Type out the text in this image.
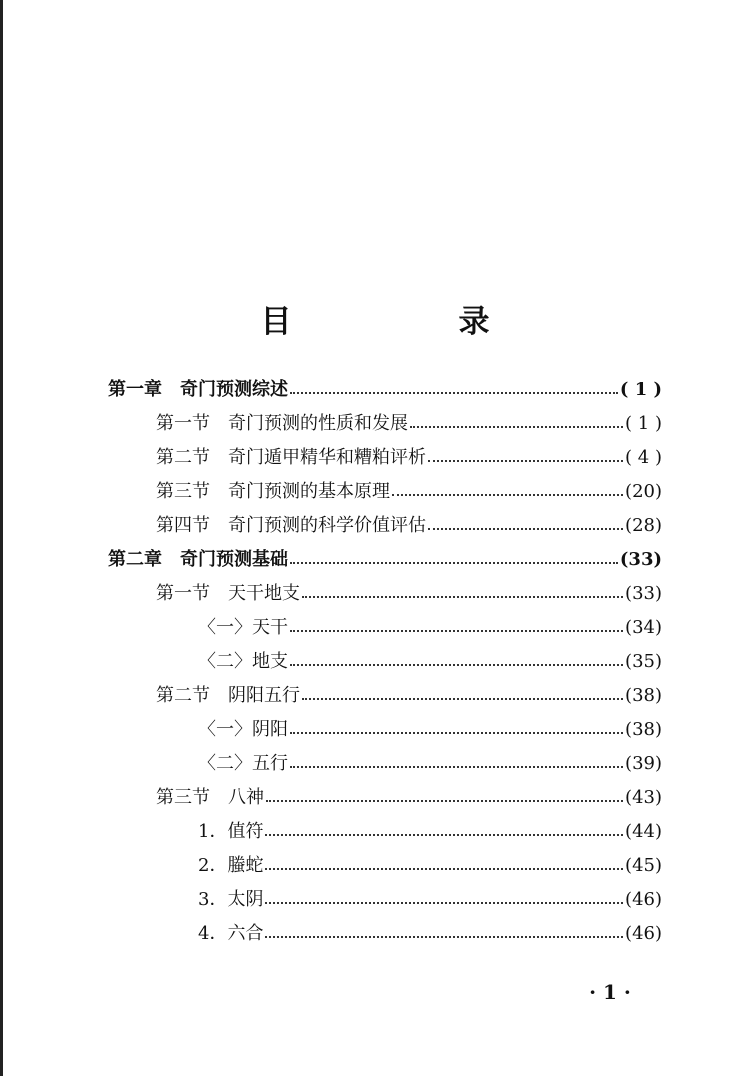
目　录
第一章　奇门预测综述	( 1 )
第一节　奇门预测的性质和发展	( 1 )
第二节　奇门遁甲精华和糟粕评析	( 4 )
第三节　奇门预测的基本原理	(20)
第四节　奇门预测的科学价值评估	(28)
第二章　奇门预测基础	(33)
第一节　天干地支	(33)
〈一〉天干	(34)
〈二〉地支	(35)
第二节　阴阳五行	(38)
〈一〉阴阳	(38)
〈二〉五行	(39)
第三节　八神	(43)
1．值符	(44)
2．螣蛇	(45)
3．太阴	(46)
4．六合	(46)
· 1 ·
